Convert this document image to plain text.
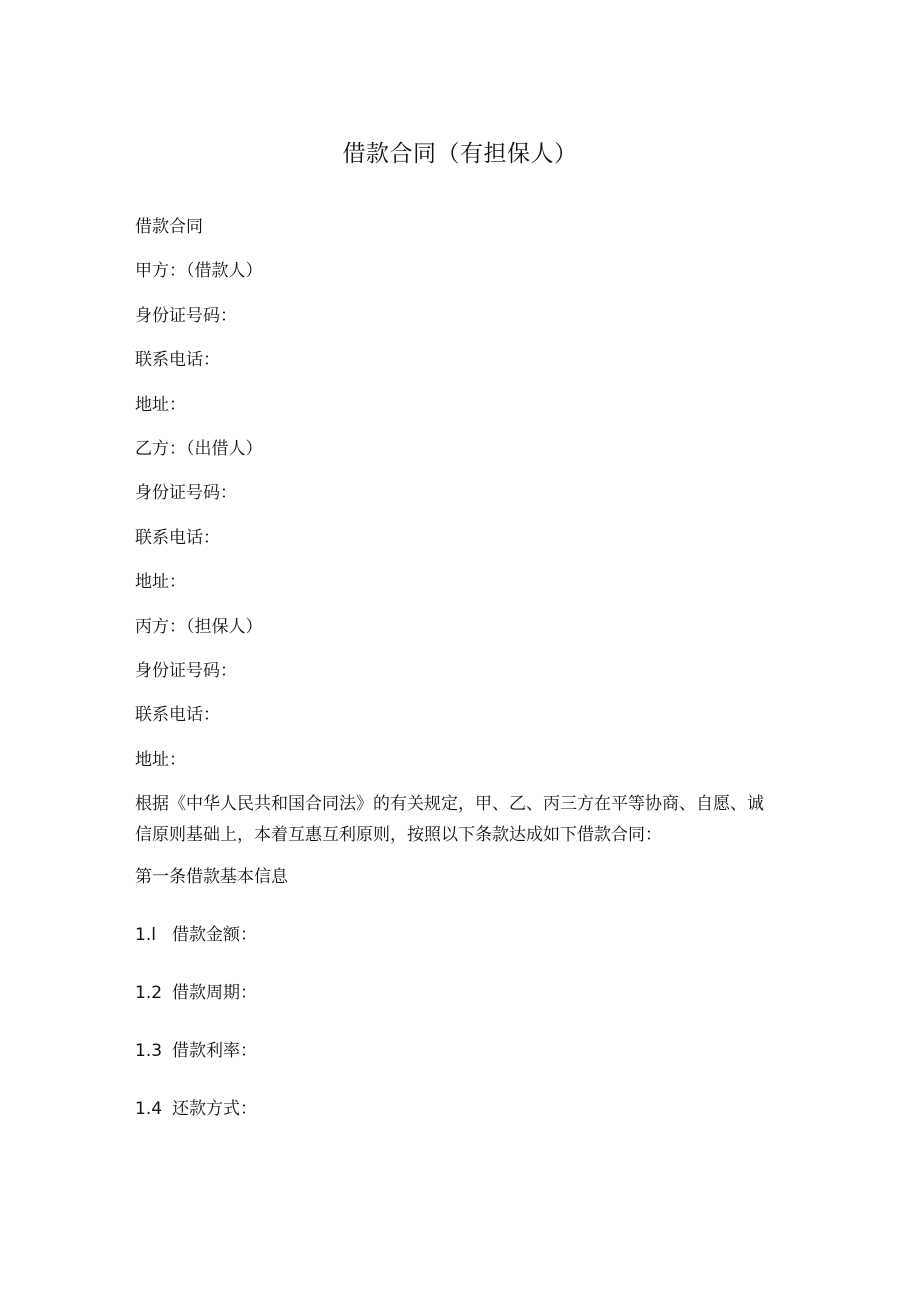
借款合同（有担保人）
借款合同
甲方：（借款人）
身份证号码：
联系电话：
地址：
乙方：（出借人）
身份证号码：
联系电话：
地址：
丙方：（担保人）
身份证号码：
联系电话：
地址：
根据《中华人民共和国合同法》的有关规定，甲、乙、丙三方在平等协商、自愿、诚信原则基础上，本着互惠互利原则，按照以下条款达成如下借款合同：
第一条借款基本信息
1.l 借款金额：
1.2 借款周期：
1.3 借款利率：
1.4 还款方式：
